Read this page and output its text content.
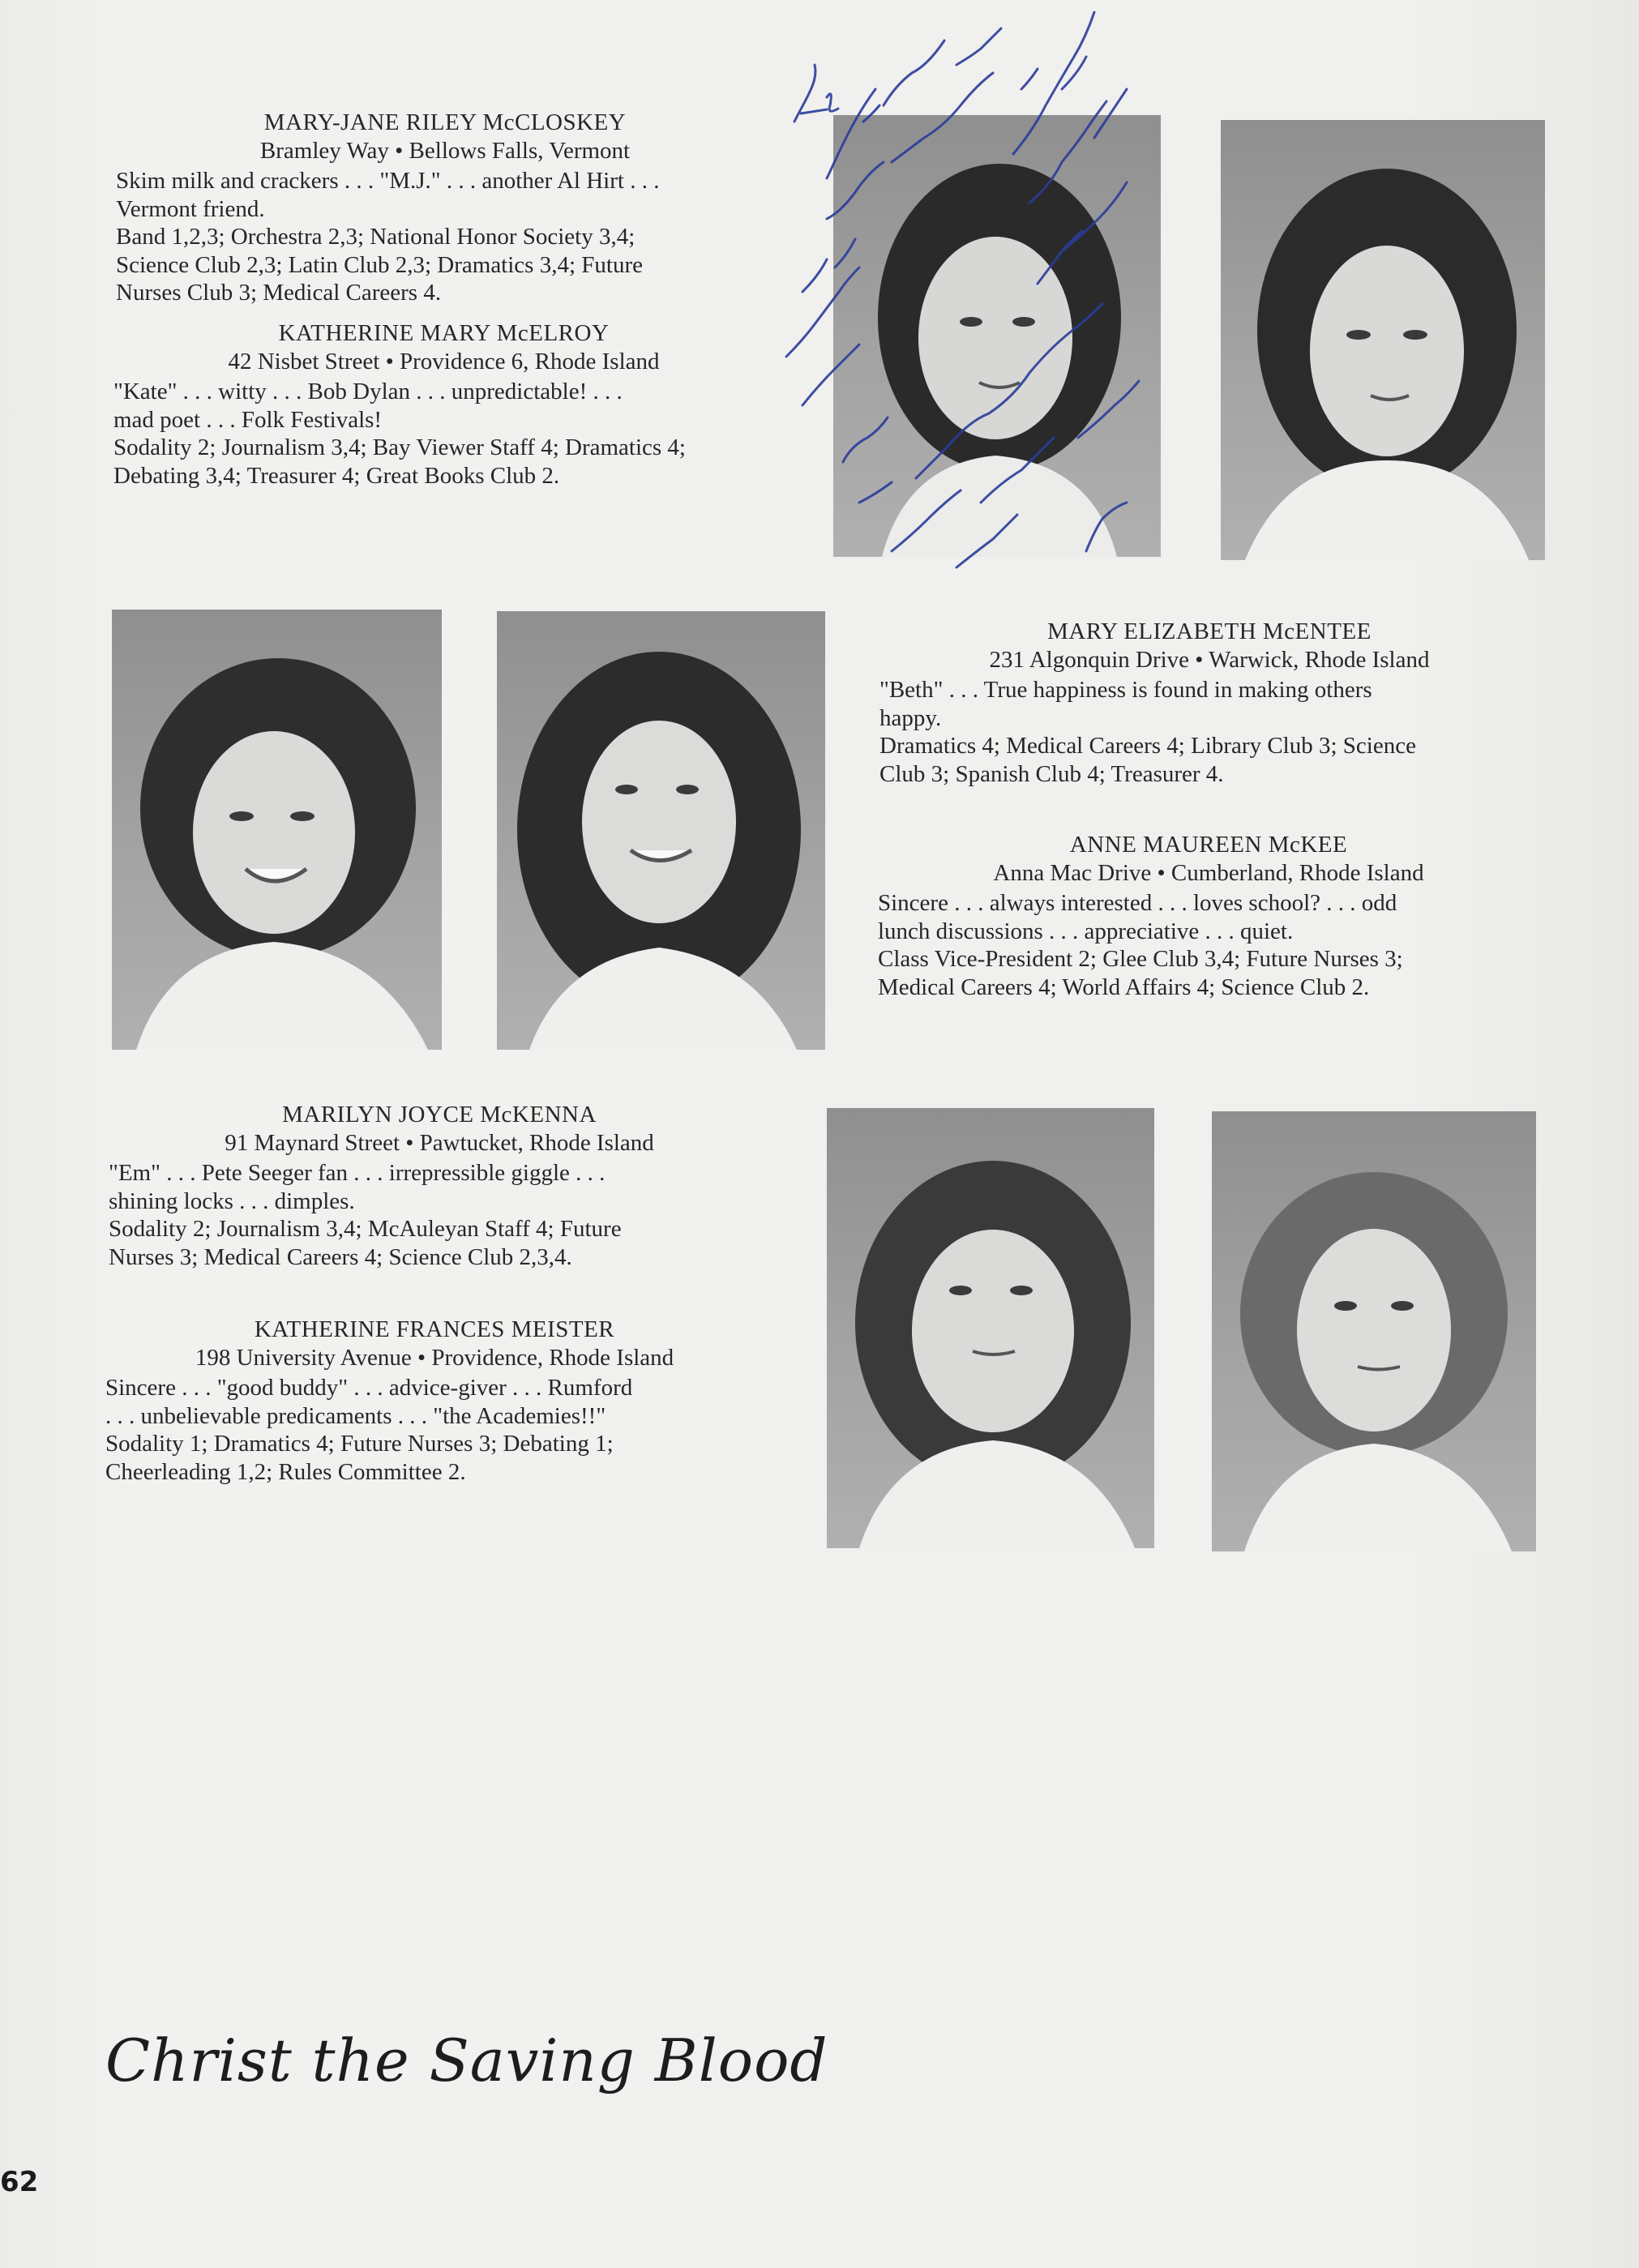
MARY-JANE RILEY McCLOSKEY
Bramley Way • Bellows Falls, Vermont
Skim milk and crackers . . . "M.J." . . . another Al Hirt . . .
Vermont friend.
Band 1,2,3; Orchestra 2,3; National Honor Society 3,4;
Science Club 2,3; Latin Club 2,3; Dramatics 3,4; Future
Nurses Club 3; Medical Careers 4.
KATHERINE MARY McELROY
42 Nisbet Street • Providence 6, Rhode Island
"Kate" . . . witty . . . Bob Dylan . . . unpredictable! . . .
mad poet . . . Folk Festivals!
Sodality 2; Journalism 3,4; Bay Viewer Staff 4; Dramatics 4;
Debating 3,4; Treasurer 4; Great Books Club 2.
MARY ELIZABETH McENTEE
231 Algonquin Drive • Warwick, Rhode Island
"Beth" . . . True happiness is found in making others
happy.
Dramatics 4; Medical Careers 4; Library Club 3; Science
Club 3; Spanish Club 4; Treasurer 4.
ANNE MAUREEN McKEE
Anna Mac Drive • Cumberland, Rhode Island
Sincere . . . always interested . . . loves school? . . . odd
lunch discussions . . . appreciative . . . quiet.
Class Vice-President 2; Glee Club 3,4; Future Nurses 3;
Medical Careers 4; World Affairs 4; Science Club 2.
MARILYN JOYCE McKENNA
91 Maynard Street • Pawtucket, Rhode Island
"Em" . . . Pete Seeger fan . . . irrepressible giggle . . .
shining locks . . . dimples.
Sodality 2; Journalism 3,4; McAuleyan Staff 4; Future
Nurses 3; Medical Careers 4; Science Club 2,3,4.
KATHERINE FRANCES MEISTER
198 University Avenue • Providence, Rhode Island
Sincere . . . "good buddy" . . . advice-giver . . . Rumford
. . . unbelievable predicaments . . . "the Academies!!"
Sodality 1; Dramatics 4; Future Nurses 3; Debating 1;
Cheerleading 1,2; Rules Committee 2.
Christ the Saving Blood
62
